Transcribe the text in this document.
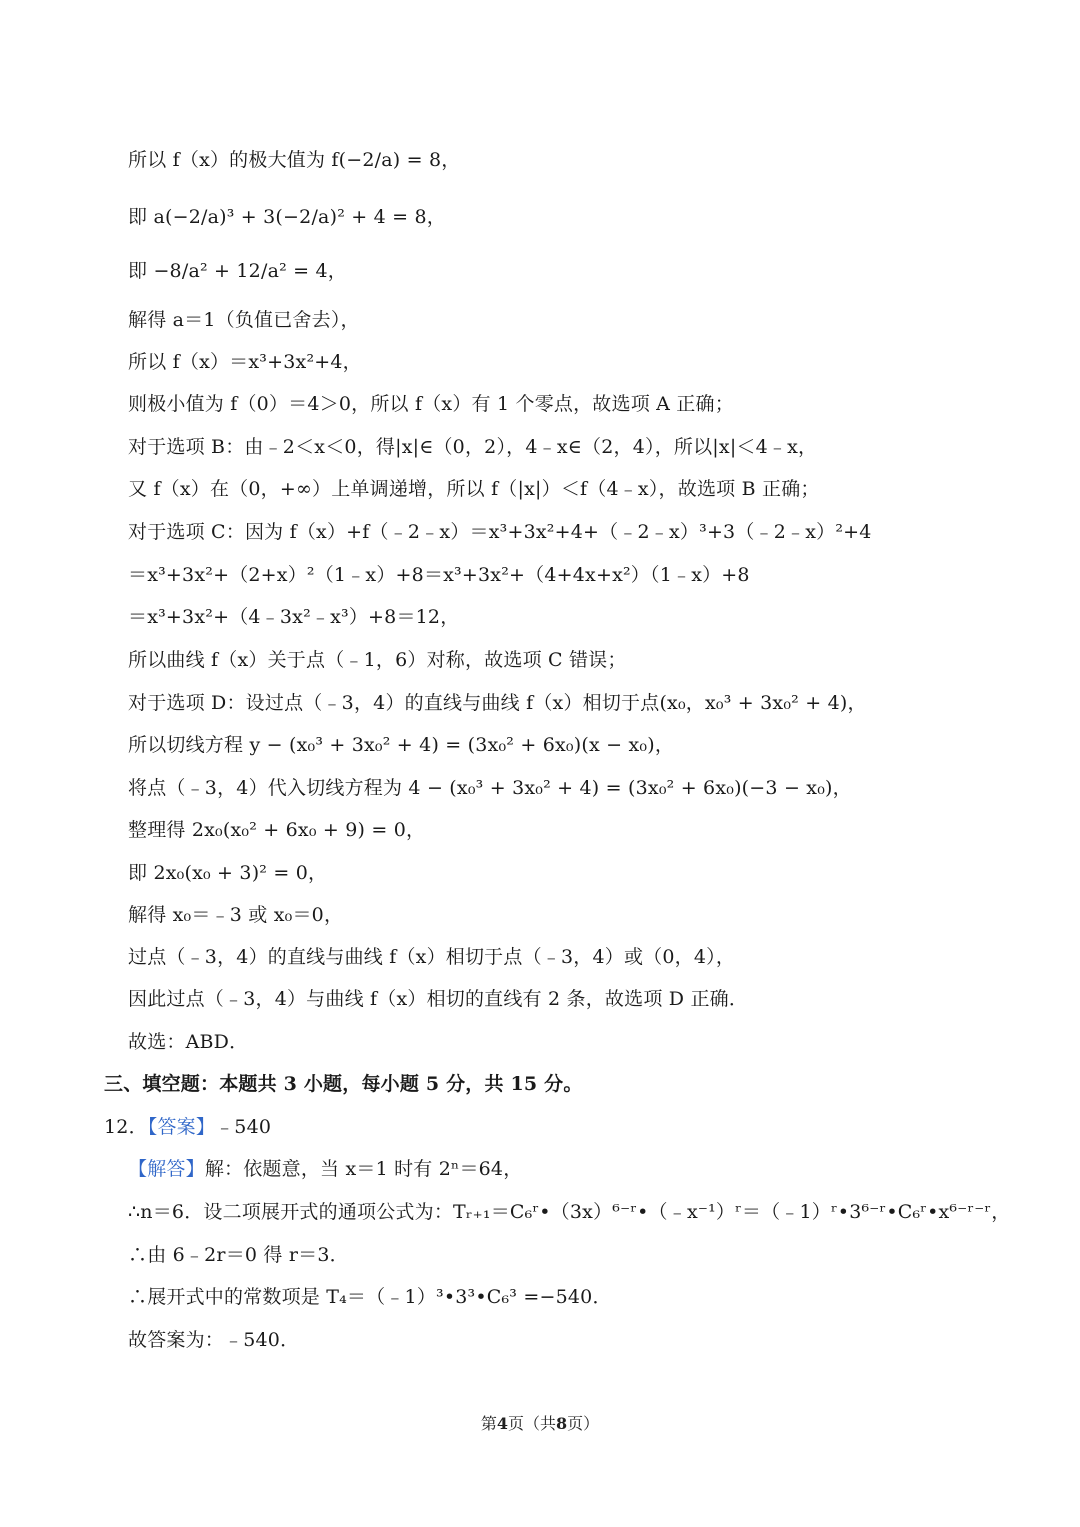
所以 f（x）的极大值为 f(−2/a) = 8，
即 a(−2/a)³ + 3(−2/a)² + 4 = 8，
即 −8/a² + 12/a² = 4，
解得 a＝1（负值已舍去），
所以 f（x）＝x³+3x²+4，
则极小值为 f（0）＝4＞0，所以 f（x）有 1 个零点，故选项 A 正确；
对于选项 B：由﹣2＜x＜0，得|x|∈（0，2），4﹣x∈（2，4），所以|x|＜4﹣x，
又 f（x）在（0，+∞）上单调递增，所以 f（|x|）＜f（4﹣x），故选项 B 正确；
对于选项 C：因为 f（x）+f（﹣2﹣x）＝x³+3x²+4+（﹣2﹣x）³+3（﹣2﹣x）²+4
＝x³+3x²+（2+x）²（1﹣x）+8＝x³+3x²+（4+4x+x²）（1﹣x）+8
＝x³+3x²+（4﹣3x²﹣x³）+8＝12，
所以曲线 f（x）关于点（﹣1，6）对称，故选项 C 错误；
对于选项 D：设过点（﹣3，4）的直线与曲线 f（x）相切于点(x₀，x₀³ + 3x₀² + 4)，
所以切线方程 y − (x₀³ + 3x₀² + 4) = (3x₀² + 6x₀)(x − x₀)，
将点（﹣3，4）代入切线方程为 4 − (x₀³ + 3x₀² + 4) = (3x₀² + 6x₀)(−3 − x₀)，
整理得 2x₀(x₀² + 6x₀ + 9) = 0，
即 2x₀(x₀ + 3)² = 0，
解得 x₀＝﹣3 或 x₀＝0，
过点（﹣3，4）的直线与曲线 f（x）相切于点（﹣3，4）或（0，4），
因此过点（﹣3，4）与曲线 f（x）相切的直线有 2 条，故选项 D 正确．
故选：ABD．
三、填空题：本题共 3 小题，每小题 5 分，共 15 分。
12．【答案】﹣540
【解答】解：依题意，当 x＝1 时有 2ⁿ＝64，
∴n＝6．设二项展开式的通项公式为：Tᵣ₊₁＝C₆ʳ•（3x）⁶⁻ʳ•（﹣x⁻¹）ʳ＝（﹣1）ʳ•3⁶⁻ʳ•C₆ʳ•x⁶⁻ʳ⁻ʳ，
∴由 6﹣2r＝0 得 r＝3．
∴展开式中的常数项是 T₄＝（﹣1）³•3³•C₆³ =−540．
故答案为：﹣540．
第4页（共8页）
